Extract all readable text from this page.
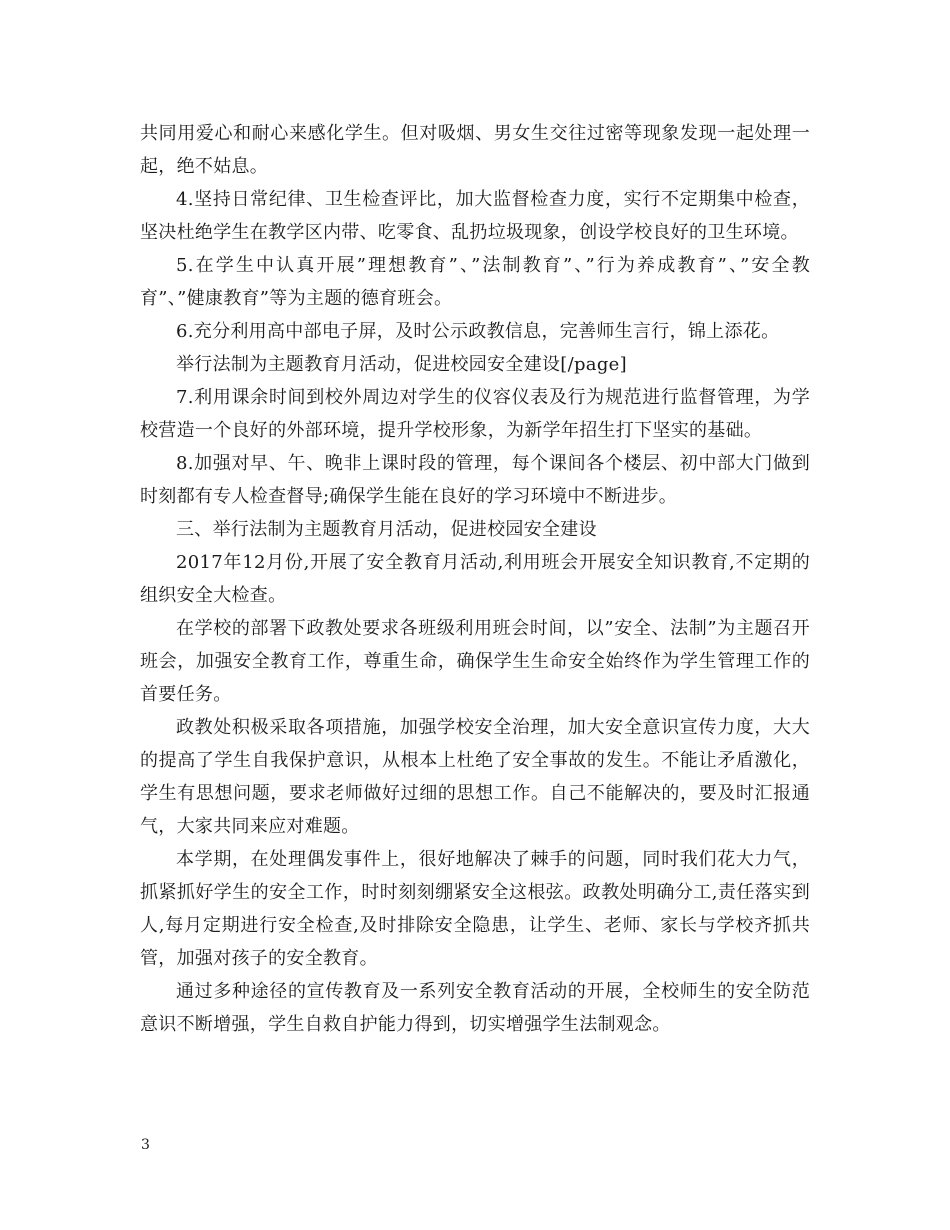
共同用爱心和耐心来感化学生。但对吸烟、男女生交往过密等现象发现一起处理一起，绝不姑息。

4.坚持日常纪律、卫生检查评比，加大监督检查力度，实行不定期集中检查，坚决杜绝学生在教学区内带、吃零食、乱扔垃圾现象，创设学校良好的卫生环境。

5.在学生中认真开展”理想教育”、”法制教育”、”行为养成教育”、”安全教育”、”健康教育”等为主题的德育班会。

6.充分利用高中部电子屏，及时公示政教信息，完善师生言行，锦上添花。

举行法制为主题教育月活动，促进校园安全建设[/page]

7.利用课余时间到校外周边对学生的仪容仪表及行为规范进行监督管理，为学校营造一个良好的外部环境，提升学校形象，为新学年招生打下坚实的基础。

8.加强对早、午、晚非上课时段的管理，每个课间各个楼层、初中部大门做到时刻都有专人检查督导;确保学生能在良好的学习环境中不断进步。

三、举行法制为主题教育月活动，促进校园安全建设

2017年12月份,开展了安全教育月活动,利用班会开展安全知识教育,不定期的组织安全大检查。

在学校的部署下政教处要求各班级利用班会时间，以”安全、法制”为主题召开班会，加强安全教育工作，尊重生命，确保学生生命安全始终作为学生管理工作的首要任务。

政教处积极采取各项措施，加强学校安全治理，加大安全意识宣传力度，大大的提高了学生自我保护意识，从根本上杜绝了安全事故的发生。不能让矛盾激化，学生有思想问题，要求老师做好过细的思想工作。自己不能解决的，要及时汇报通气，大家共同来应对难题。

本学期，在处理偶发事件上，很好地解决了棘手的问题，同时我们花大力气，抓紧抓好学生的安全工作，时时刻刻绷紧安全这根弦。政教处明确分工,责任落实到人,每月定期进行安全检查,及时排除安全隐患，让学生、老师、家长与学校齐抓共管，加强对孩子的安全教育。

通过多种途径的宣传教育及一系列安全教育活动的开展，全校师生的安全防范意识不断增强，学生自救自护能力得到，切实增强学生法制观念。

3
